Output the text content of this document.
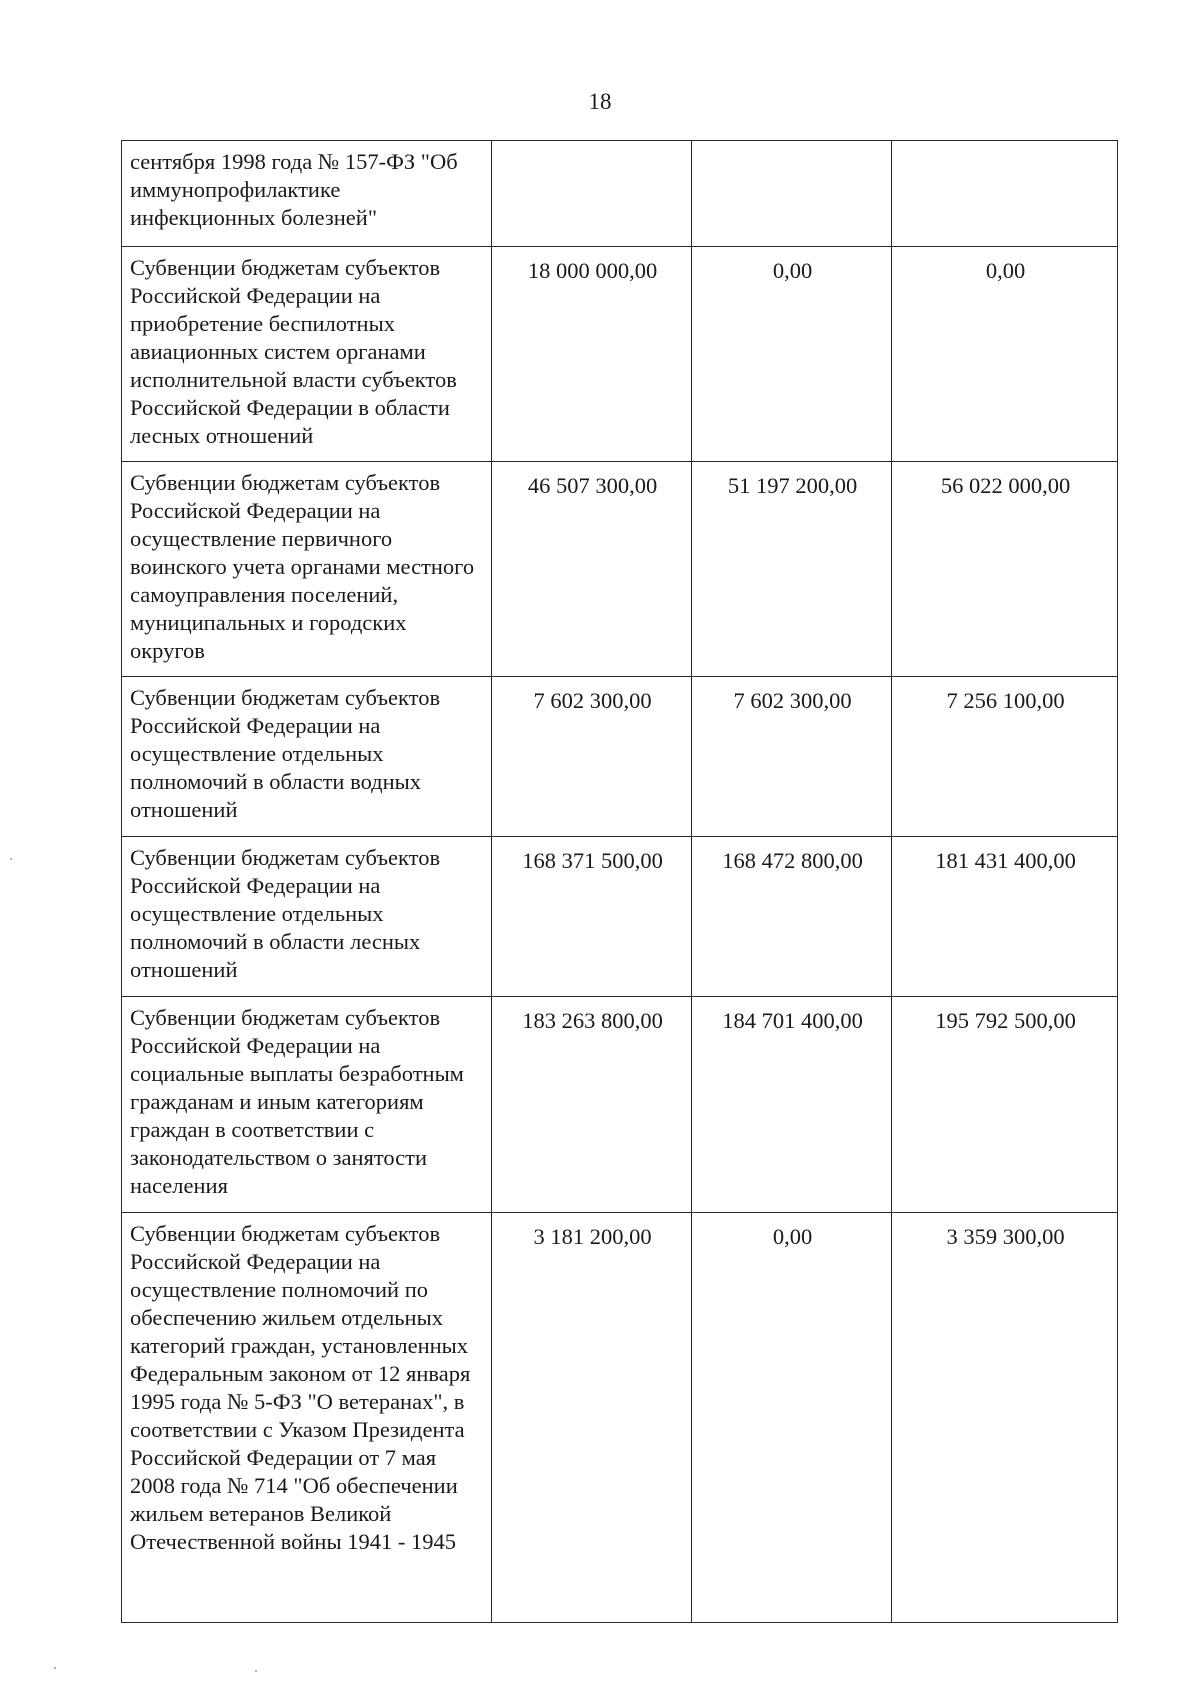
18
сентября 1998 года № 157-ФЗ "Об иммунопрофилактике инфекционных болезней"			
Субвенции бюджетам субъектов Российской Федерации на приобретение беспилотных авиационных систем органами исполнительной власти субъектов Российской Федерации в области лесных отношений	18 000 000,00	0,00	0,00
Субвенции бюджетам субъектов Российской Федерации на осуществление первичного воинского учета органами местного самоуправления поселений, муниципальных и городских округов	46 507 300,00	51 197 200,00	56 022 000,00
Субвенции бюджетам субъектов Российской Федерации на осуществление отдельных полномочий в области водных отношений	7 602 300,00	7 602 300,00	7 256 100,00
Субвенции бюджетам субъектов Российской Федерации на осуществление отдельных полномочий в области лесных отношений	168 371 500,00	168 472 800,00	181 431 400,00
Субвенции бюджетам субъектов Российской Федерации на социальные выплаты безработным гражданам и иным категориям граждан в соответствии с законодательством о занятости населения	183 263 800,00	184 701 400,00	195 792 500,00
Субвенции бюджетам субъектов Российской Федерации на осуществление полномочий по обеспечению жильем отдельных категорий граждан, установленных Федеральным законом от 12 января 1995 года № 5-ФЗ "О ветеранах", в соответствии с Указом Президента Российской Федерации от 7 мая 2008 года № 714 "Об обеспечении жильем ветеранов Великой Отечественной войны 1941 - 1945	3 181 200,00	0,00	3 359 300,00
